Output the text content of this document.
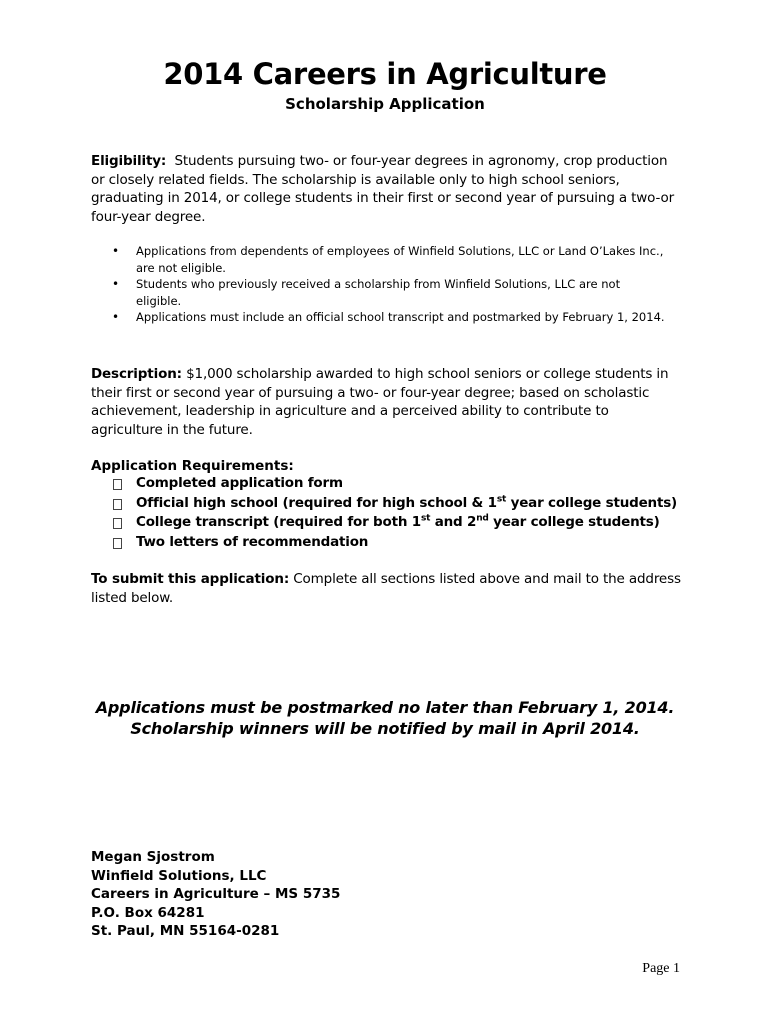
2014 Careers in Agriculture
Scholarship Application
Eligibility: Students pursuing two- or four-year degrees in agronomy, crop production or closely related fields. The scholarship is available only to high school seniors, graduating in 2014, or college students in their first or second year of pursuing a two-or four-year degree.
• Applications from dependents of employees of Winfield Solutions, LLC or Land O’Lakes Inc., are not eligible.
• Students who previously received a scholarship from Winfield Solutions, LLC are not eligible.
• Applications must include an official school transcript and postmarked by February 1, 2014.
Description: $1,000 scholarship awarded to high school seniors or college students in their first or second year of pursuing a two- or four-year degree; based on scholastic achievement, leadership in agriculture and a perceived ability to contribute to agriculture in the future.
Application Requirements:
Completed application form
Official high school (required for high school & 1st year college students)
College transcript (required for both 1st and 2nd year college students)
Two letters of recommendation
To submit this application: Complete all sections listed above and mail to the address listed below.
Applications must be postmarked no later than February 1, 2014.
Scholarship winners will be notified by mail in April 2014.
Megan Sjostrom
Winfield Solutions, LLC
Careers in Agriculture – MS 5735
P.O. Box 64281
St. Paul, MN 55164-0281
Page 1
